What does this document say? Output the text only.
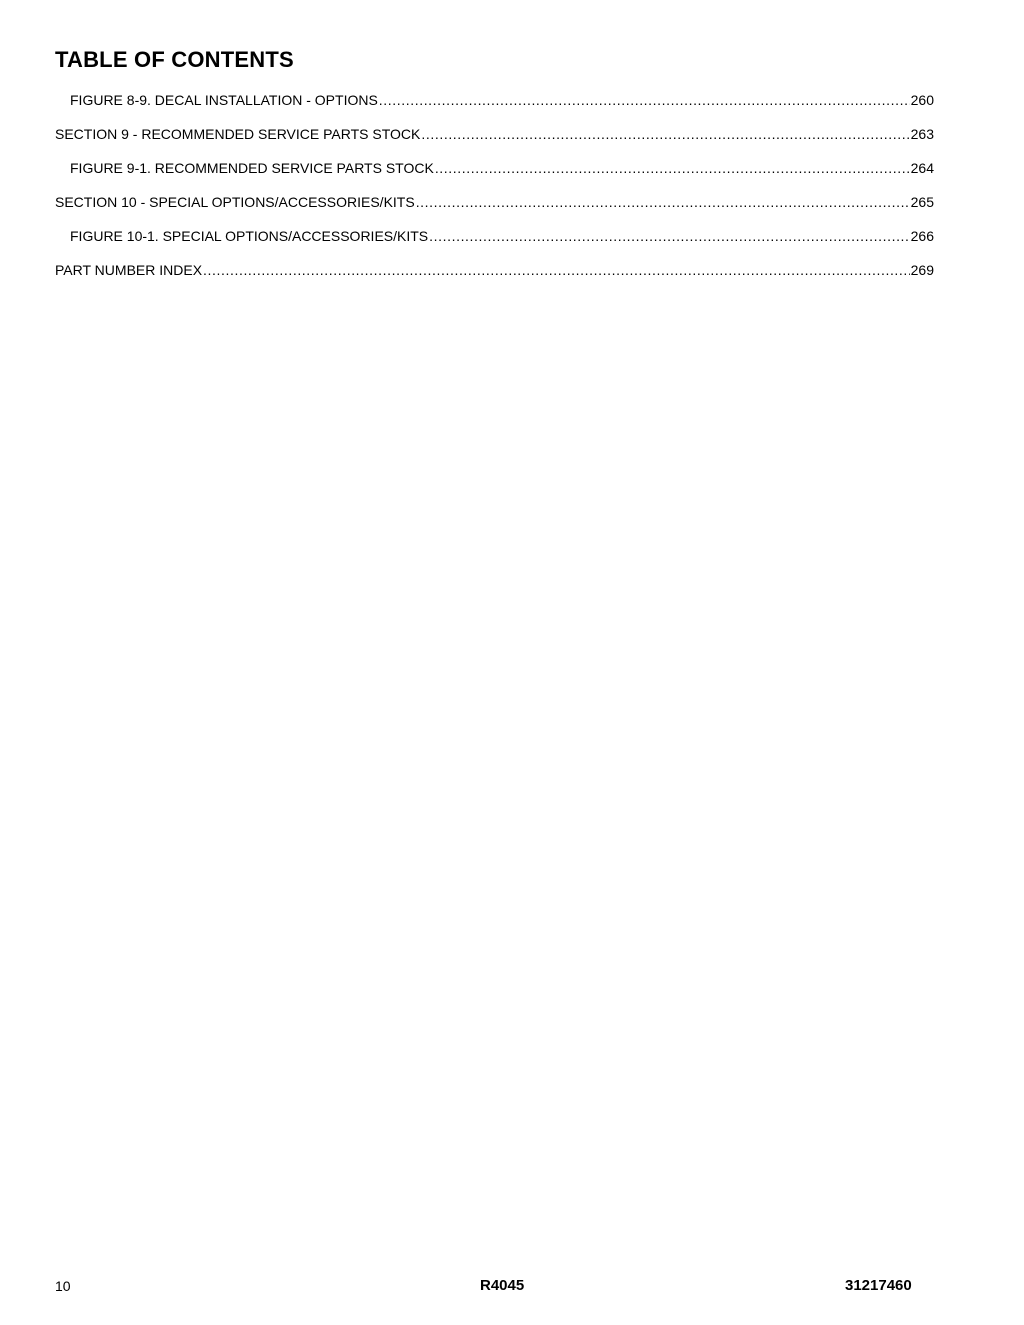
TABLE OF CONTENTS
FIGURE 8-9. DECAL INSTALLATION - OPTIONS .....	260
SECTION 9 - RECOMMENDED SERVICE PARTS STOCK .....	263
FIGURE 9-1. RECOMMENDED SERVICE PARTS STOCK .....	264
SECTION 10 - SPECIAL OPTIONS/ACCESSORIES/KITS .....	265
FIGURE 10-1. SPECIAL OPTIONS/ACCESSORIES/KITS .....	266
PART NUMBER INDEX .....	269
10	R4045	31217460
